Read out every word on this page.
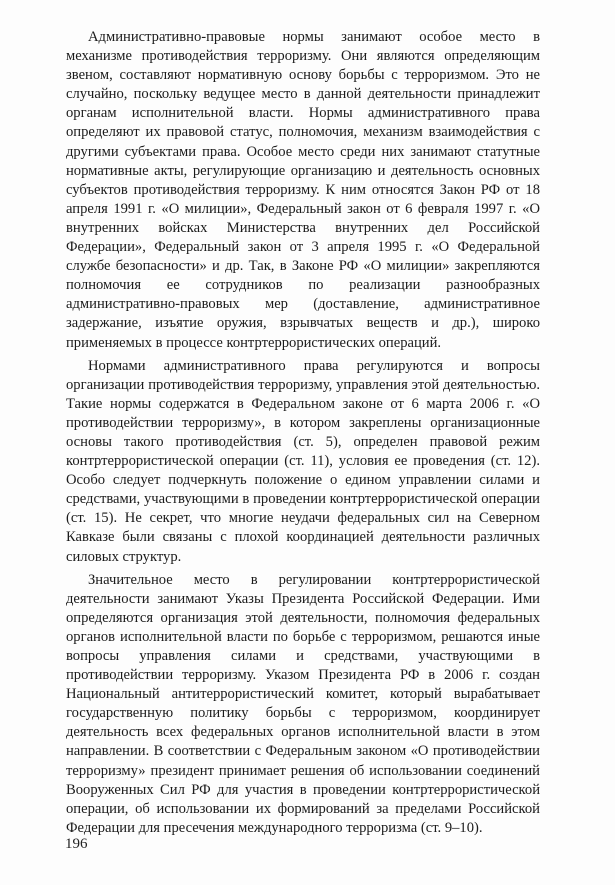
Административно-правовые нормы занимают особое место в механизме противодействия терроризму. Они являются определяющим звеном, составляют нормативную основу борьбы с терроризмом. Это не случайно, поскольку ведущее место в данной деятельности принадлежит органам исполнительной власти. Нормы административного права определяют их правовой статус, полномочия, механизм взаимодействия с другими субъектами права. Особое место среди них занимают статутные нормативные акты, регулирующие организацию и деятельность основных субъектов противодействия терроризму. К ним относятся Закон РФ от 18 апреля 1991 г. «О милиции», Федеральный закон от 6 февраля 1997 г. «О внутренних войсках Министерства внутренних дел Российской Федерации», Федеральный закон от 3 апреля 1995 г. «О Федеральной службе безопасности» и др. Так, в Законе РФ «О милиции» закрепляются полномочия ее сотрудников по реализации разнообразных административно-правовых мер (доставление, административное задержание, изъятие оружия, взрывчатых веществ и др.), широко применяемых в процессе контртеррористических операций.

Нормами административного права регулируются и вопросы организации противодействия терроризму, управления этой деятельностью. Такие нормы содержатся в Федеральном законе от 6 марта 2006 г. «О противодействии терроризму», в котором закреплены организационные основы такого противодействия (ст. 5), определен правовой режим контртеррористической операции (ст. 11), условия ее проведения (ст. 12). Особо следует подчеркнуть положение о едином управлении силами и средствами, участвующими в проведении контртеррористической операции (ст. 15). Не секрет, что многие неудачи федеральных сил на Северном Кавказе были связаны с плохой координацией деятельности различных силовых структур.

Значительное место в регулировании контртеррористической деятельности занимают Указы Президента Российской Федерации. Ими определяются организация этой деятельности, полномочия федеральных органов исполнительной власти по борьбе с терроризмом, решаются иные вопросы управления силами и средствами, участвующими в противодействии терроризму. Указом Президента РФ в 2006 г. создан Национальный антитеррористический комитет, который вырабатывает государственную политику борьбы с терроризмом, координирует деятельность всех федеральных органов исполнительной власти в этом направлении. В соответствии с Федеральным законом «О противодействии терроризму» президент принимает решения об использовании соединений Вооруженных Сил РФ для участия в проведении контртеррористической операции, об использовании их формирований за пределами Российской Федерации для пресечения международного терроризма (ст. 9–10).

196
